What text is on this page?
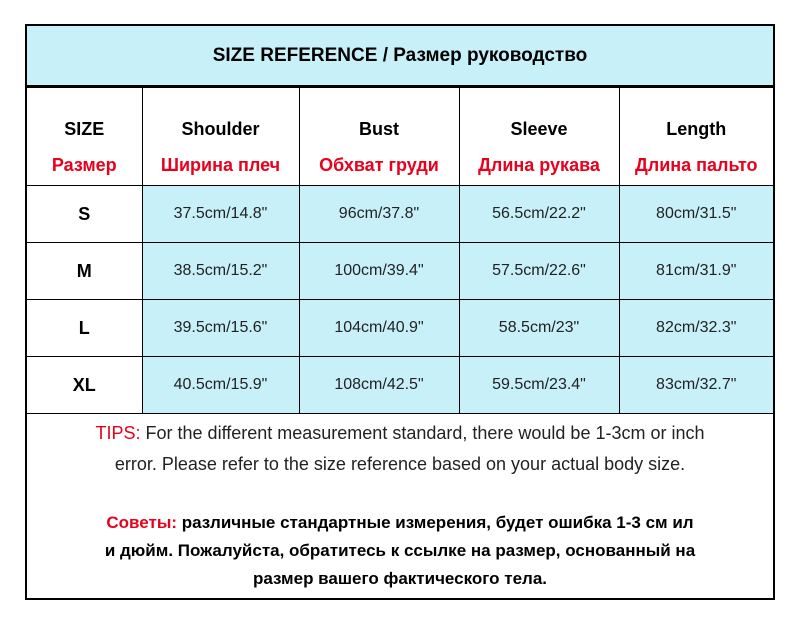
SIZE REFERENCE / Размер руководство
SIZE	Shoulder	Bust	Sleeve	Length
Размер	Ширина плеч	Обхват груди	Длина рукава	Длина пальто
S	37.5cm/14.8"	96cm/37.8"	56.5cm/22.2"	80cm/31.5"
M	38.5cm/15.2"	100cm/39.4"	57.5cm/22.6"	81cm/31.9"
L	39.5cm/15.6"	104cm/40.9"	58.5cm/23"	82cm/32.3"
XL	40.5cm/15.9"	108cm/42.5"	59.5cm/23.4"	83cm/32.7"
TIPS: For the different measurement standard, there would be 1-3cm or inch
error. Please refer to the size reference based on your actual body size.
Советы: различные стандартные измерения, будет ошибка 1-3 см ил
и дюйм. Пожалуйста, обратитесь к ссылке на размер, основанный на
размер вашего фактического тела.
